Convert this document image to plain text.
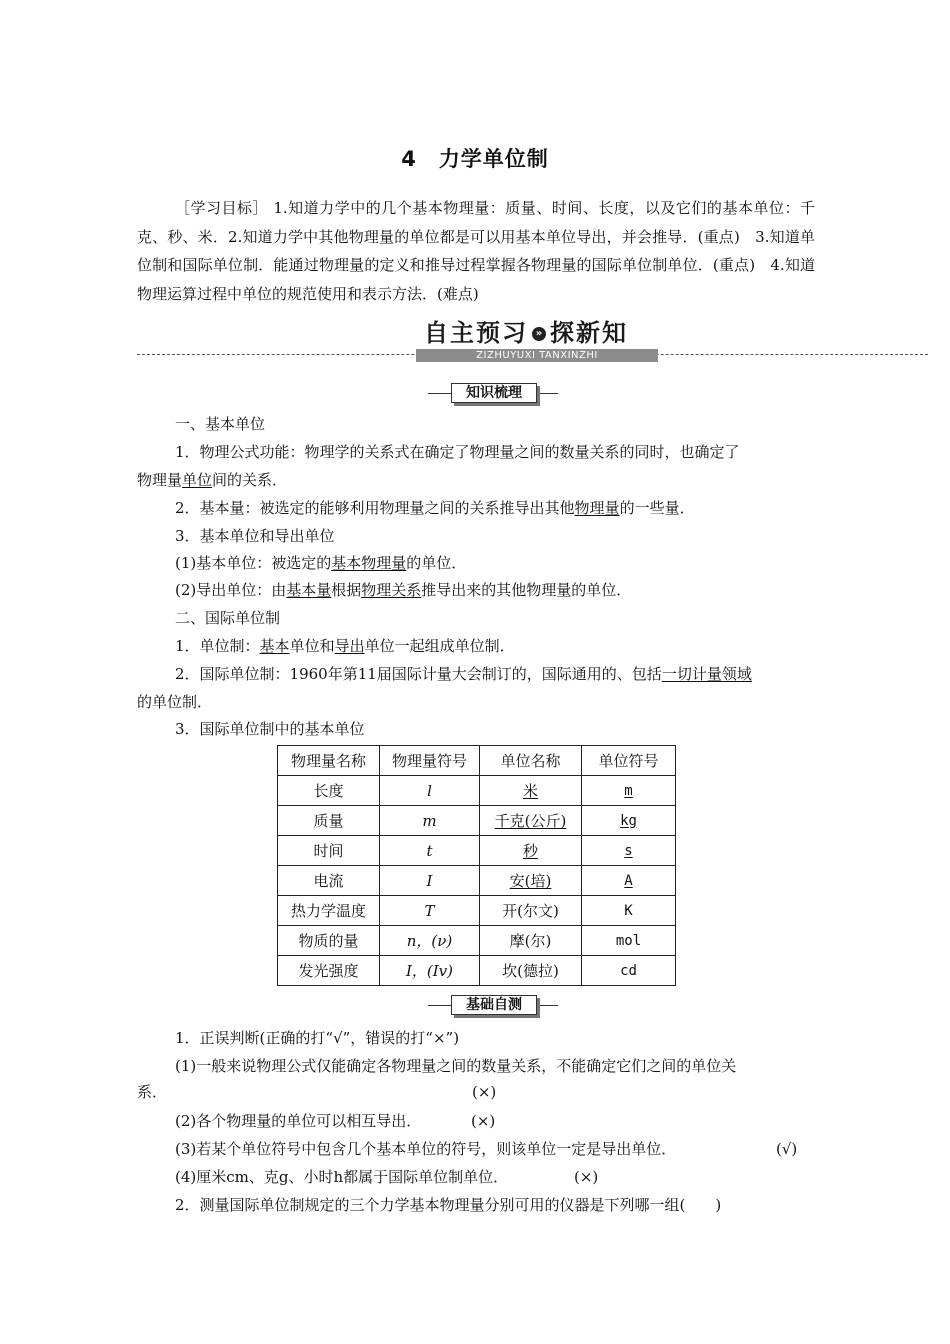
4 力学单位制
［学习目标］ 1.知道力学中的几个基本物理量：质量、时间、长度，以及它们的基本单位：千克、秒、米．2.知道力学中其他物理量的单位都是可以用基本单位导出，并会推导．(重点)　3.知道单位制和国际单位制．能通过物理量的定义和推导过程掌握各物理量的国际单位制单位．(重点)　4.知道物理运算过程中单位的规范使用和表示方法．(难点)
自主预习 » 探新知
ZIZHUYUXI TANXINZHI
知识梳理
一、基本单位
1．物理公式功能：物理学的关系式在确定了物理量之间的数量关系的同时，也确定了
物理量单位间的关系．
2．基本量：被选定的能够利用物理量之间的关系推导出其他物理量的一些量．
3．基本单位和导出单位
(1)基本单位：被选定的基本物理量的单位．
(2)导出单位：由基本量根据物理关系推导出来的其他物理量的单位．
二、国际单位制
1．单位制：基本单位和导出单位一起组成单位制．
2．国际单位制：1960年第11届国际计量大会制订的，国际通用的、包括一切计量领域
的单位制．
3．国际单位制中的基本单位
物理量名称	物理量符号	单位名称	单位符号
长度	l	米	m
质量	m	千克(公斤)	kg
时间	t	秒	s
电流	I	安(培)	A
热力学温度	T	开(尔文)	K
物质的量	n，(ν)	摩(尔)	mol
发光强度	I，(Iv)	坎(德拉)	cd
基础自测
1．正误判断(正确的打“√”，错误的打“×”)
(1)一般来说物理公式仅能确定各物理量之间的数量关系，不能确定它们之间的单位关
系．	(×)
(2)各个物理量的单位可以相互导出．	(×)
(3)若某个单位符号中包含几个基本单位的符号，则该单位一定是导出单位．	(√)
(4)厘米cm、克g、小时h都属于国际单位制单位．	(×)
2．测量国际单位制规定的三个力学基本物理量分别可用的仪器是下列哪一组(　　)
